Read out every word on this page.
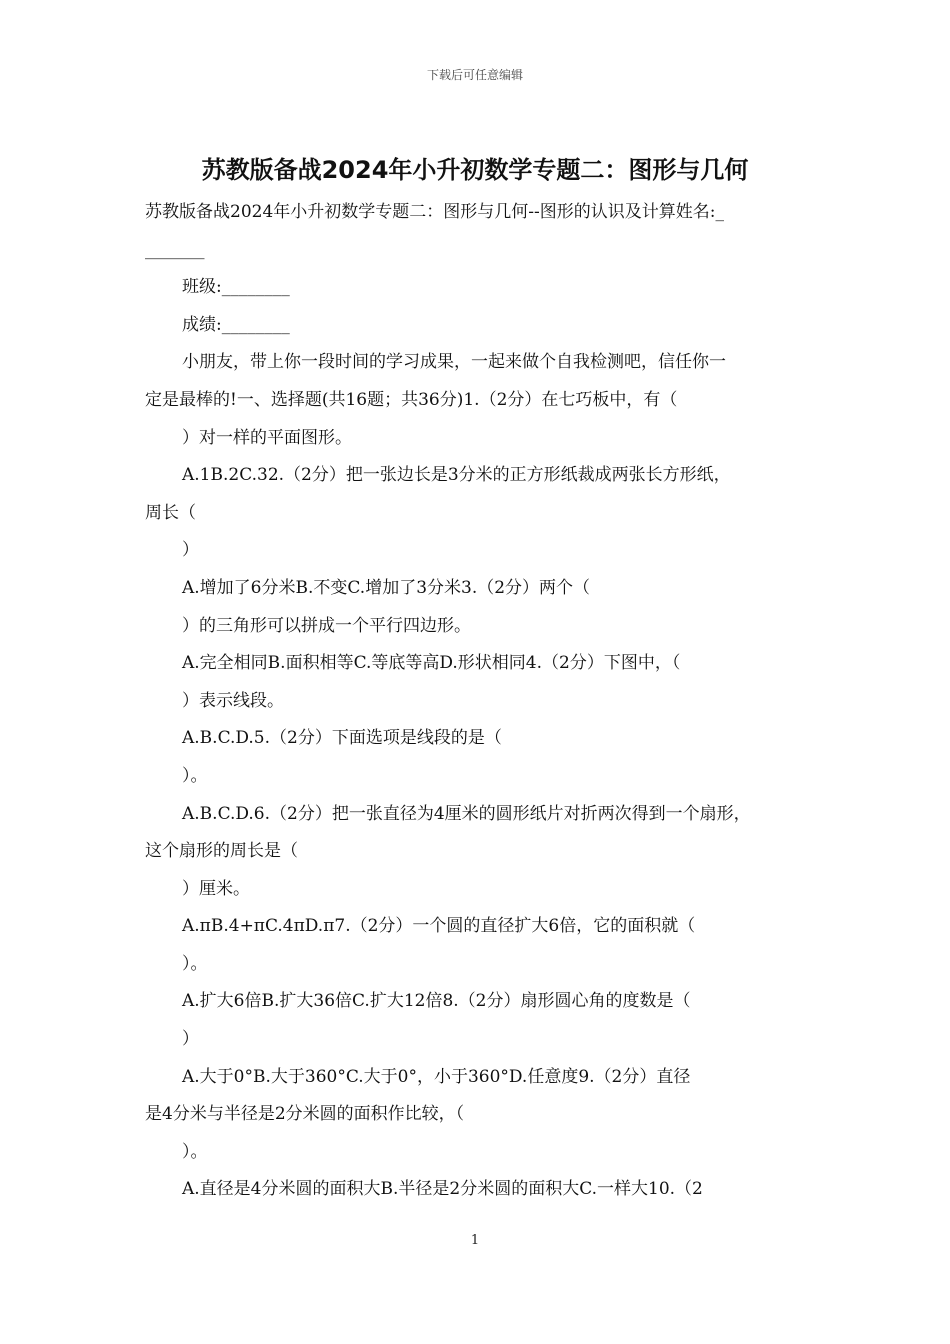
下载后可任意编辑
苏教版备战2024年小升初数学专题二：图形与几何
苏教版备战2024年小升初数学专题二：图形与几何--图形的认识及计算姓名:_
_______
班级:________
成绩:________
小朋友，带上你一段时间的学习成果，一起来做个自我检测吧，信任你一
定是最棒的!一、选择题(共16题；共36分)1.（2分）在七巧板中，有（
）对一样的平面图形。
A.1B.2C.32.（2分）把一张边长是3分米的正方形纸裁成两张长方形纸，
周长（
）
A.增加了6分米B.不变C.增加了3分米3.（2分）两个（
）的三角形可以拼成一个平行四边形。
A.完全相同B.面积相等C.等底等高D.形状相同4.（2分）下图中，（
）表示线段。
A.B.C.D.5.（2分）下面选项是线段的是（
）。
A.B.C.D.6.（2分）把一张直径为4厘米的圆形纸片对折两次得到一个扇形，
这个扇形的周长是（
）厘米。
A.πB.4+πC.4πD.π7.（2分）一个圆的直径扩大6倍，它的面积就（
）。
A.扩大6倍B.扩大36倍C.扩大12倍8.（2分）扇形圆心角的度数是（
）
A.大于0°B.大于360°C.大于0°，小于360°D.任意度9.（2分）直径
是4分米与半径是2分米圆的面积作比较，（
）。
A.直径是4分米圆的面积大B.半径是2分米圆的面积大C.一样大10.（2
1
